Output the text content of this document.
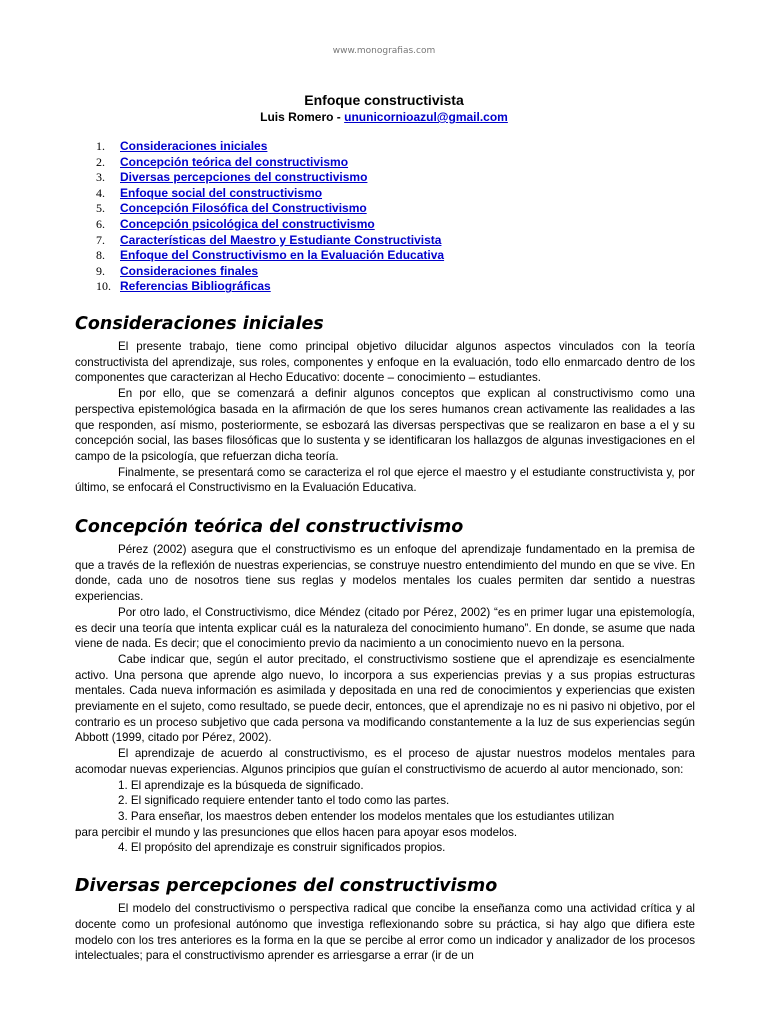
www.monografias.com
Enfoque constructivista
Luis Romero - ununicornioazul@gmail.com
1. Consideraciones iniciales
2. Concepción teórica del constructivismo
3. Diversas percepciones del constructivismo
4. Enfoque social del constructivismo
5. Concepción Filosófica del Constructivismo
6. Concepción psicológica del constructivismo
7. Características del Maestro y Estudiante Constructivista
8. Enfoque del Constructivismo en la Evaluación Educativa
9. Consideraciones finales
10. Referencias Bibliográficas
Consideraciones iniciales

El presente trabajo, tiene como principal objetivo dilucidar algunos aspectos vinculados con la teoría constructivista del aprendizaje, sus roles, componentes y enfoque en la evaluación, todo ello enmarcado dentro de los componentes que caracterizan al Hecho Educativo: docente – conocimiento – estudiantes.

En por ello, que se comenzará a definir algunos conceptos que explican al constructivismo como una perspectiva epistemológica basada en la afirmación de que los seres humanos crean activamente las realidades a las que responden, así mismo, posteriormente, se esbozará las diversas perspectivas que se realizaron en base a el y su concepción social, las bases filosóficas que lo sustenta y se identificaran los hallazgos de algunas investigaciones en el campo de la psicología, que refuerzan dicha teoría.

Finalmente, se presentará como se caracteriza el rol que ejerce el maestro y el estudiante constructivista y, por último, se enfocará el Constructivismo en la Evaluación Educativa.

Concepción teórica del constructivismo

Pérez (2002) asegura que el constructivismo es un enfoque del aprendizaje fundamentado en la premisa de que a través de la reflexión de nuestras experiencias, se construye nuestro entendimiento del mundo en que se vive. En donde, cada uno de nosotros tiene sus reglas y modelos mentales los cuales permiten dar sentido a nuestras experiencias.

Por otro lado, el Constructivismo, dice Méndez (citado por Pérez, 2002) “es en primer lugar una epistemología, es decir una teoría que intenta explicar cuál es la naturaleza del conocimiento humano”. En donde, se asume que nada viene de nada. Es decir; que el conocimiento previo da nacimiento a un conocimiento nuevo en la persona.

Cabe indicar que, según el autor precitado, el constructivismo sostiene que el aprendizaje es esencialmente activo. Una persona que aprende algo nuevo, lo incorpora a sus experiencias previas y a sus propias estructuras mentales. Cada nueva información es asimilada y depositada en una red de conocimientos y experiencias que existen previamente en el sujeto, como resultado, se puede decir, entonces, que el aprendizaje no es ni pasivo ni objetivo, por el contrario es un proceso subjetivo que cada persona va modificando constantemente a la luz de sus experiencias según Abbott (1999, citado por Pérez, 2002).

El aprendizaje de acuerdo al constructivismo, es el proceso de ajustar nuestros modelos mentales para acomodar nuevas experiencias. Algunos principios que guían el constructivismo de acuerdo al autor mencionado, son:

1. El aprendizaje es la búsqueda de significado.

2. El significado requiere entender tanto el todo como las partes.

3. Para enseñar, los maestros deben entender los modelos mentales que los estudiantes utilizan

para percibir el mundo y las presunciones que ellos hacen para apoyar esos modelos.

4. El propósito del aprendizaje es construir significados propios.

Diversas percepciones del constructivismo

El modelo del constructivismo o perspectiva radical que concibe la enseñanza como una actividad crítica y al docente como un profesional autónomo que investiga reflexionando sobre su práctica, si hay algo que difiera este modelo con los tres anteriores es la forma en la que se percibe al error como un indicador y analizador de los procesos intelectuales; para el constructivismo aprender es arriesgarse a errar (ir de un
